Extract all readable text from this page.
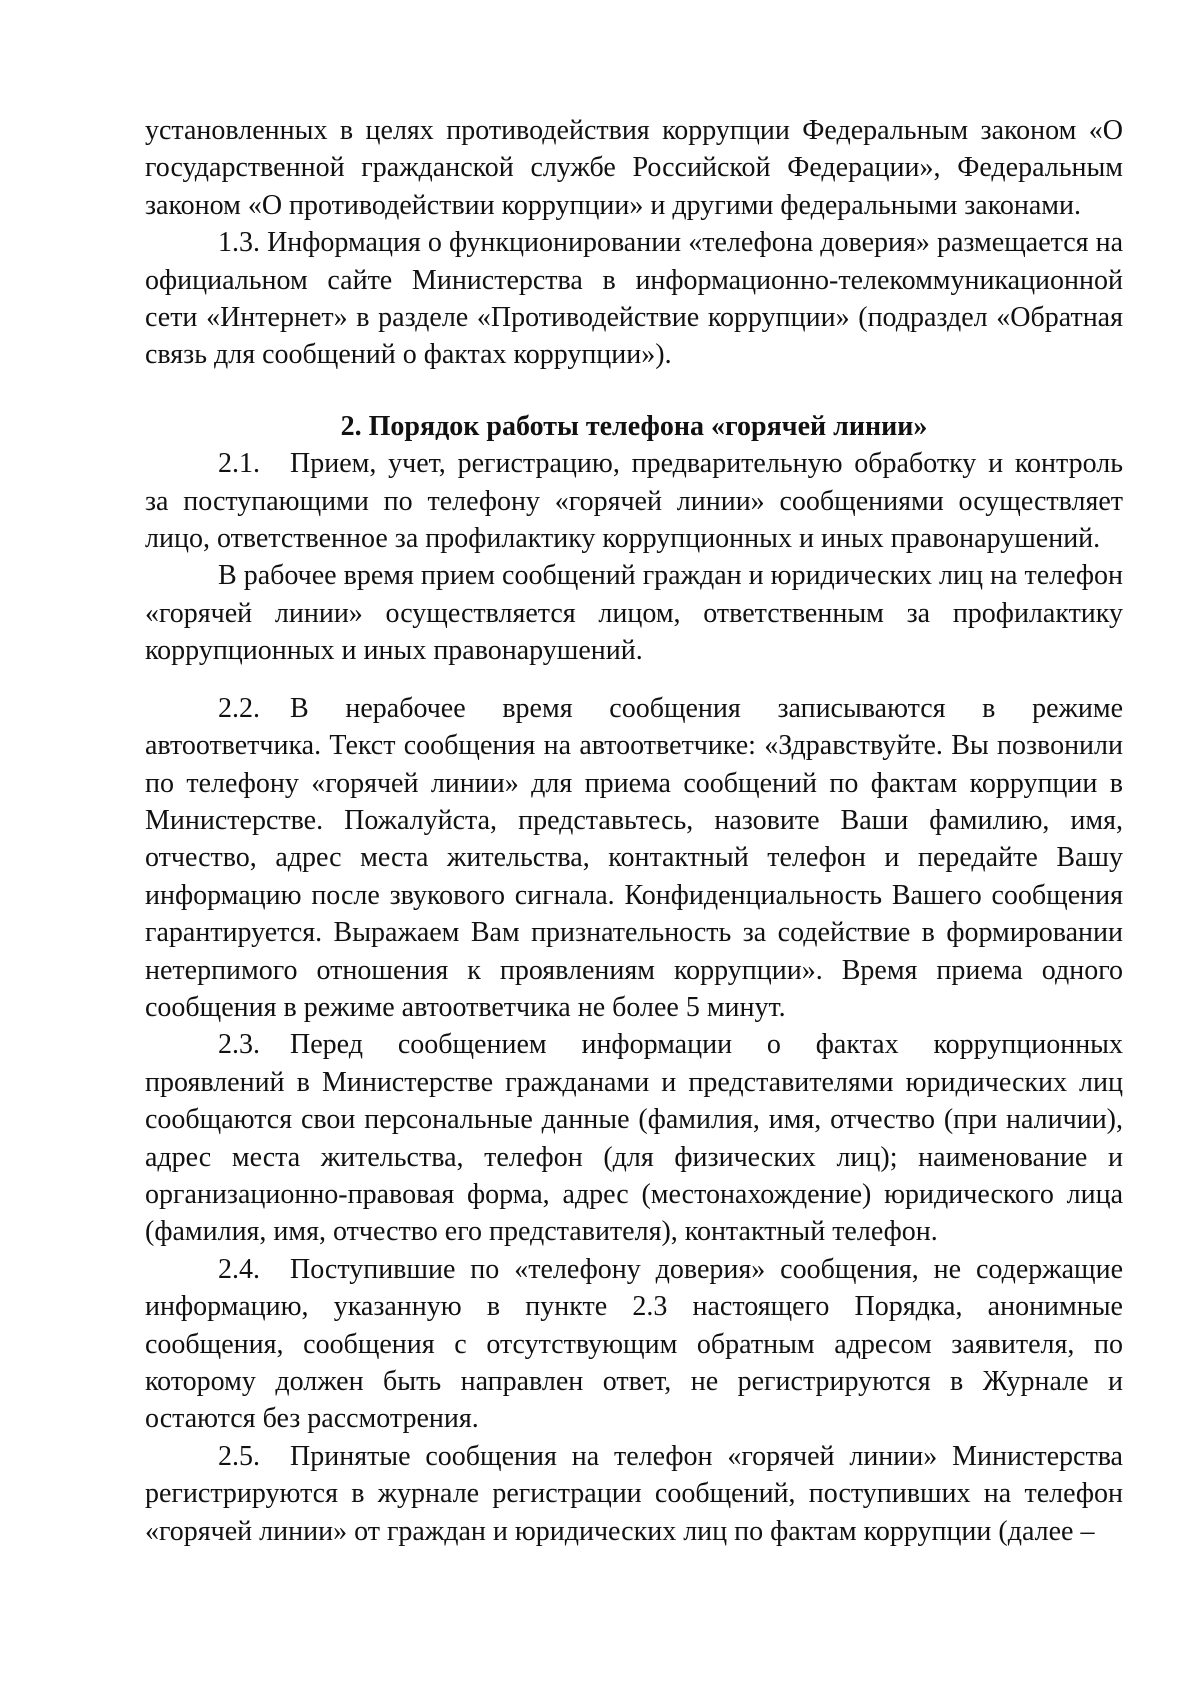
установленных в целях противодействия коррупции Федеральным законом «О государственной гражданской службе Российской Федерации», Федеральным законом «О противодействии коррупции» и другими федеральными законами.

1.3. Информация о функционировании «телефона доверия» размещается на официальном сайте Министерства в информационно-телекоммуникационной сети «Интернет» в разделе «Противодействие коррупции» (подраздел «Обратная связь для сообщений о фактах коррупции»).

2. Порядок работы телефона «горячей линии»

2.1. Прием, учет, регистрацию, предварительную обработку и контроль за поступающими по телефону «горячей линии» сообщениями осуществляет лицо, ответственное за профилактику коррупционных и иных правонарушений.

В рабочее время прием сообщений граждан и юридических лиц на телефон «горячей линии» осуществляется лицом, ответственным за профилактику коррупционных и иных правонарушений.

2.2. В нерабочее время сообщения записываются в режиме автоответчика. Текст сообщения на автоответчике: «Здравствуйте. Вы позвонили по телефону «горячей линии» для приема сообщений по фактам коррупции в Министерстве. Пожалуйста, представьтесь, назовите Ваши фамилию, имя, отчество, адрес места жительства, контактный телефон и передайте Вашу информацию после звукового сигнала. Конфиденциальность Вашего сообщения гарантируется. Выражаем Вам признательность за содействие в формировании нетерпимого отношения к проявлениям коррупции». Время приема одного сообщения в режиме автоответчика не более 5 минут.

2.3. Перед сообщением информации о фактах коррупционных проявлений в Министерстве гражданами и представителями юридических лиц сообщаются свои персональные данные (фамилия, имя, отчество (при наличии), адрес места жительства, телефон (для физических лиц); наименование и организационно-правовая форма, адрес (местонахождение) юридического лица (фамилия, имя, отчество его представителя), контактный телефон.

2.4. Поступившие по «телефону доверия» сообщения, не содержащие информацию, указанную в пункте 2.3 настоящего Порядка, анонимные сообщения, сообщения с отсутствующим обратным адресом заявителя, по которому должен быть направлен ответ, не регистрируются в Журнале и остаются без рассмотрения.

2.5. Принятые сообщения на телефон «горячей линии» Министерства регистрируются в журнале регистрации сообщений, поступивших на телефон «горячей линии» от граждан и юридических лиц по фактам коррупции (далее –
